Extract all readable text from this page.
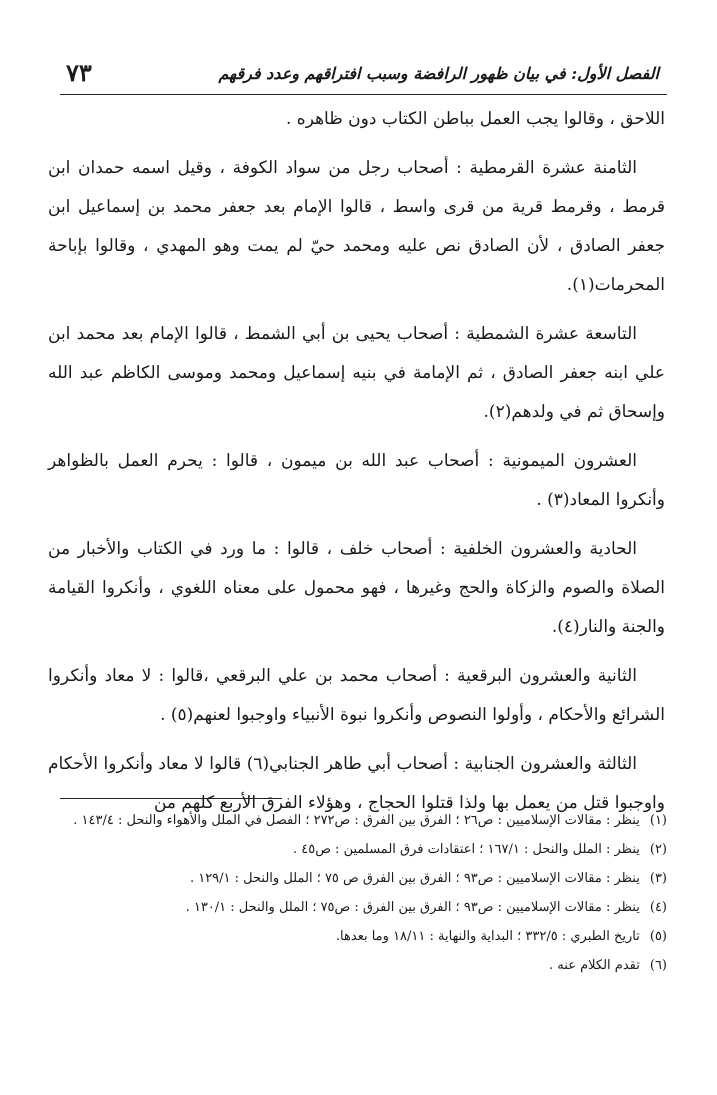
الفصل الأول: في بيان ظهور الرافضة وسبب افتراقهم وعدد فرقهم
٧٣

اللاحق ، وقالوا يجب العمل بباطن الكتاب دون ظاهره .

الثامنة عشرة القرمطية : أصحاب رجل من سواد الكوفة ، وقيل اسمه حمدان ابن قرمط ، وقرمط قرية من قرى واسط ، قالوا الإمام بعد جعفر محمد بن إسماعيل ابن جعفر الصادق ، لأن الصادق نص عليه ومحمد حيّ لم يمت وهو المهدي ، وقالوا بإباحة المحرمات(١).

التاسعة عشرة الشمطية : أصحاب يحيى بن أبي الشمط ، قالوا الإمام بعد محمد ابن علي ابنه جعفر الصادق ، ثم الإمامة في بنيه إسماعيل ومحمد وموسى الكاظم عبد الله وإسحاق ثم في ولدهم(٢).

العشرون الميمونية : أصحاب عبد الله بن ميمون ، قالوا : يحرم العمل بالظواهر وأنكروا المعاد(٣) .

الحادية والعشرون الخلفية : أصحاب خلف ، قالوا : ما ورد في الكتاب والأخبار من الصلاة والصوم والزكاة والحج وغيرها ، فهو محمول على معناه اللغوي ، وأنكروا القيامة والجنة والنار(٤).

الثانية والعشرون البرقعية : أصحاب محمد بن علي البرقعي ،قالوا : لا معاد وأنكروا الشرائع والأحكام ، وأولوا النصوص وأنكروا نبوة الأنبياء واوجبوا لعنهم(٥) .

الثالثة والعشرون الجنابية : أصحاب أبي طاهر الجنابي(٦) قالوا لا معاد وأنكروا الأحكام واوجبوا قتل من يعمل بها ولذا قتلوا الحجاج ، وهؤلاء الفرق الأربع كلهم من

(١)
ينظر : مقالات الإسلاميين : ص٢٦ ؛ الفرق بين الفرق : ص٢٧٢ ؛ الفصل في الملل والأهواء والنحل : ١٤٣/٤ .
(٢)
ينظر : الملل والنحل : ١٦٧/١ ؛ اعتقادات فرق المسلمين : ص٤٥ .
(٣)
ينظر : مقالات الإسلاميين : ص٩٣ ؛ الفرق بين الفرق ص ٧٥ ؛ الملل والنحل : ١٢٩/١ .
(٤)
ينظر : مقالات الإسلاميين : ص٩٣ ؛ الفرق بين الفرق : ص٧٥ ؛ الملل والنحل : ١٣٠/١ .
(٥)
تاريخ الطبري : ٣٣٢/٥ ؛ البداية والنهاية : ١٨/١١ وما بعدها.
(٦)
تقدم الكلام عنه .
